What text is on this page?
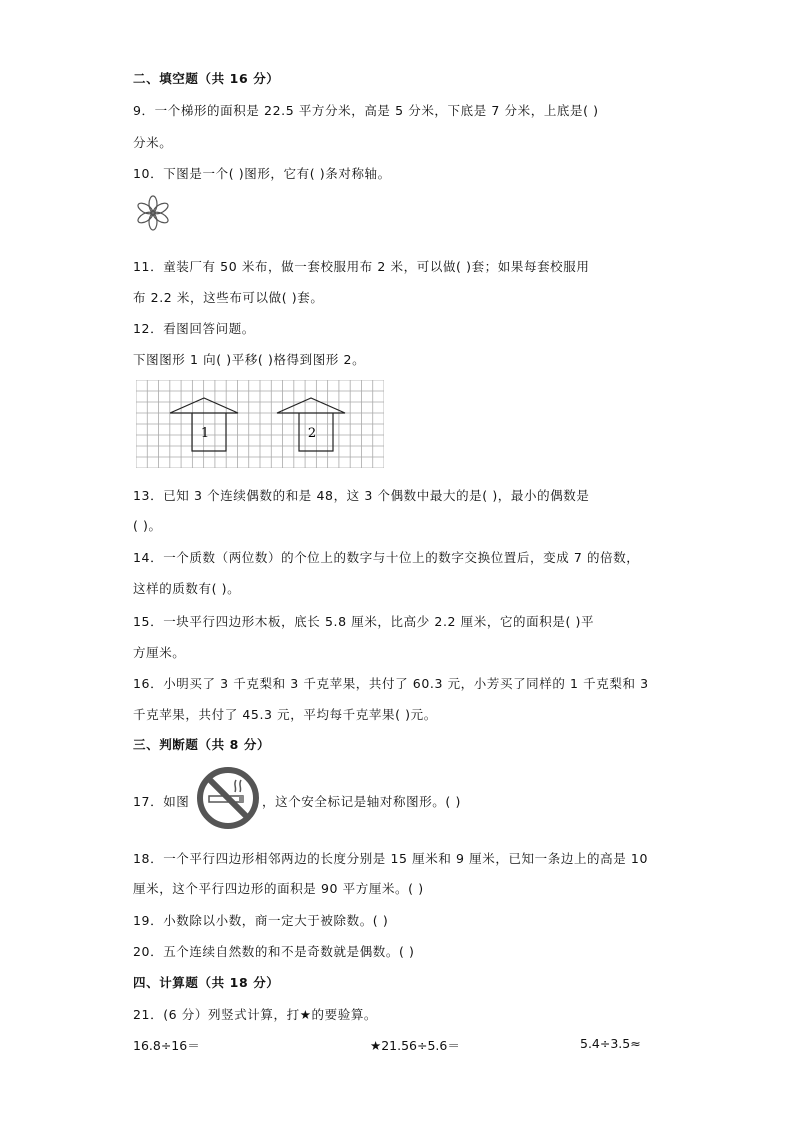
二、填空题（共 16 分）
9．一个梯形的面积是 22.5 平方分米，高是 5 分米，下底是 7 分米，上底是( )
分米。
10．下图是一个( )图形，它有( )条对称轴。
11．童装厂有 50 米布，做一套校服用布 2 米，可以做( )套；如果每套校服用
布 2.2 米，这些布可以做( )套。
12．看图回答问题。
下图图形 1 向( )平移( )格得到图形 2。
1	2
13．已知 3 个连续偶数的和是 48，这 3 个偶数中最大的是( )，最小的偶数是
( )。
14．一个质数（两位数）的个位上的数字与十位上的数字交换位置后，变成 7 的倍数，
这样的质数有( )。
15．一块平行四边形木板，底长 5.8 厘米，比高少 2.2 厘米，它的面积是( )平
方厘米。
16．小明买了 3 千克梨和 3 千克苹果，共付了 60.3 元，小芳买了同样的 1 千克梨和 3
千克苹果，共付了 45.3 元，平均每千克苹果( )元。
三、判断题（共 8 分）
17．如图	，这个安全标记是轴对称图形。( )
18．一个平行四边形相邻两边的长度分别是 15 厘米和 9 厘米，已知一条边上的高是 10
厘米，这个平行四边形的面积是 90 平方厘米。( )
19．小数除以小数，商一定大于被除数。( )
20．五个连续自然数的和不是奇数就是偶数。( )
四、计算题（共 18 分）
21．(6 分）列竖式计算，打★的要验算。
16.8÷16＝	★21.56÷5.6＝	5.4÷3.5≈
